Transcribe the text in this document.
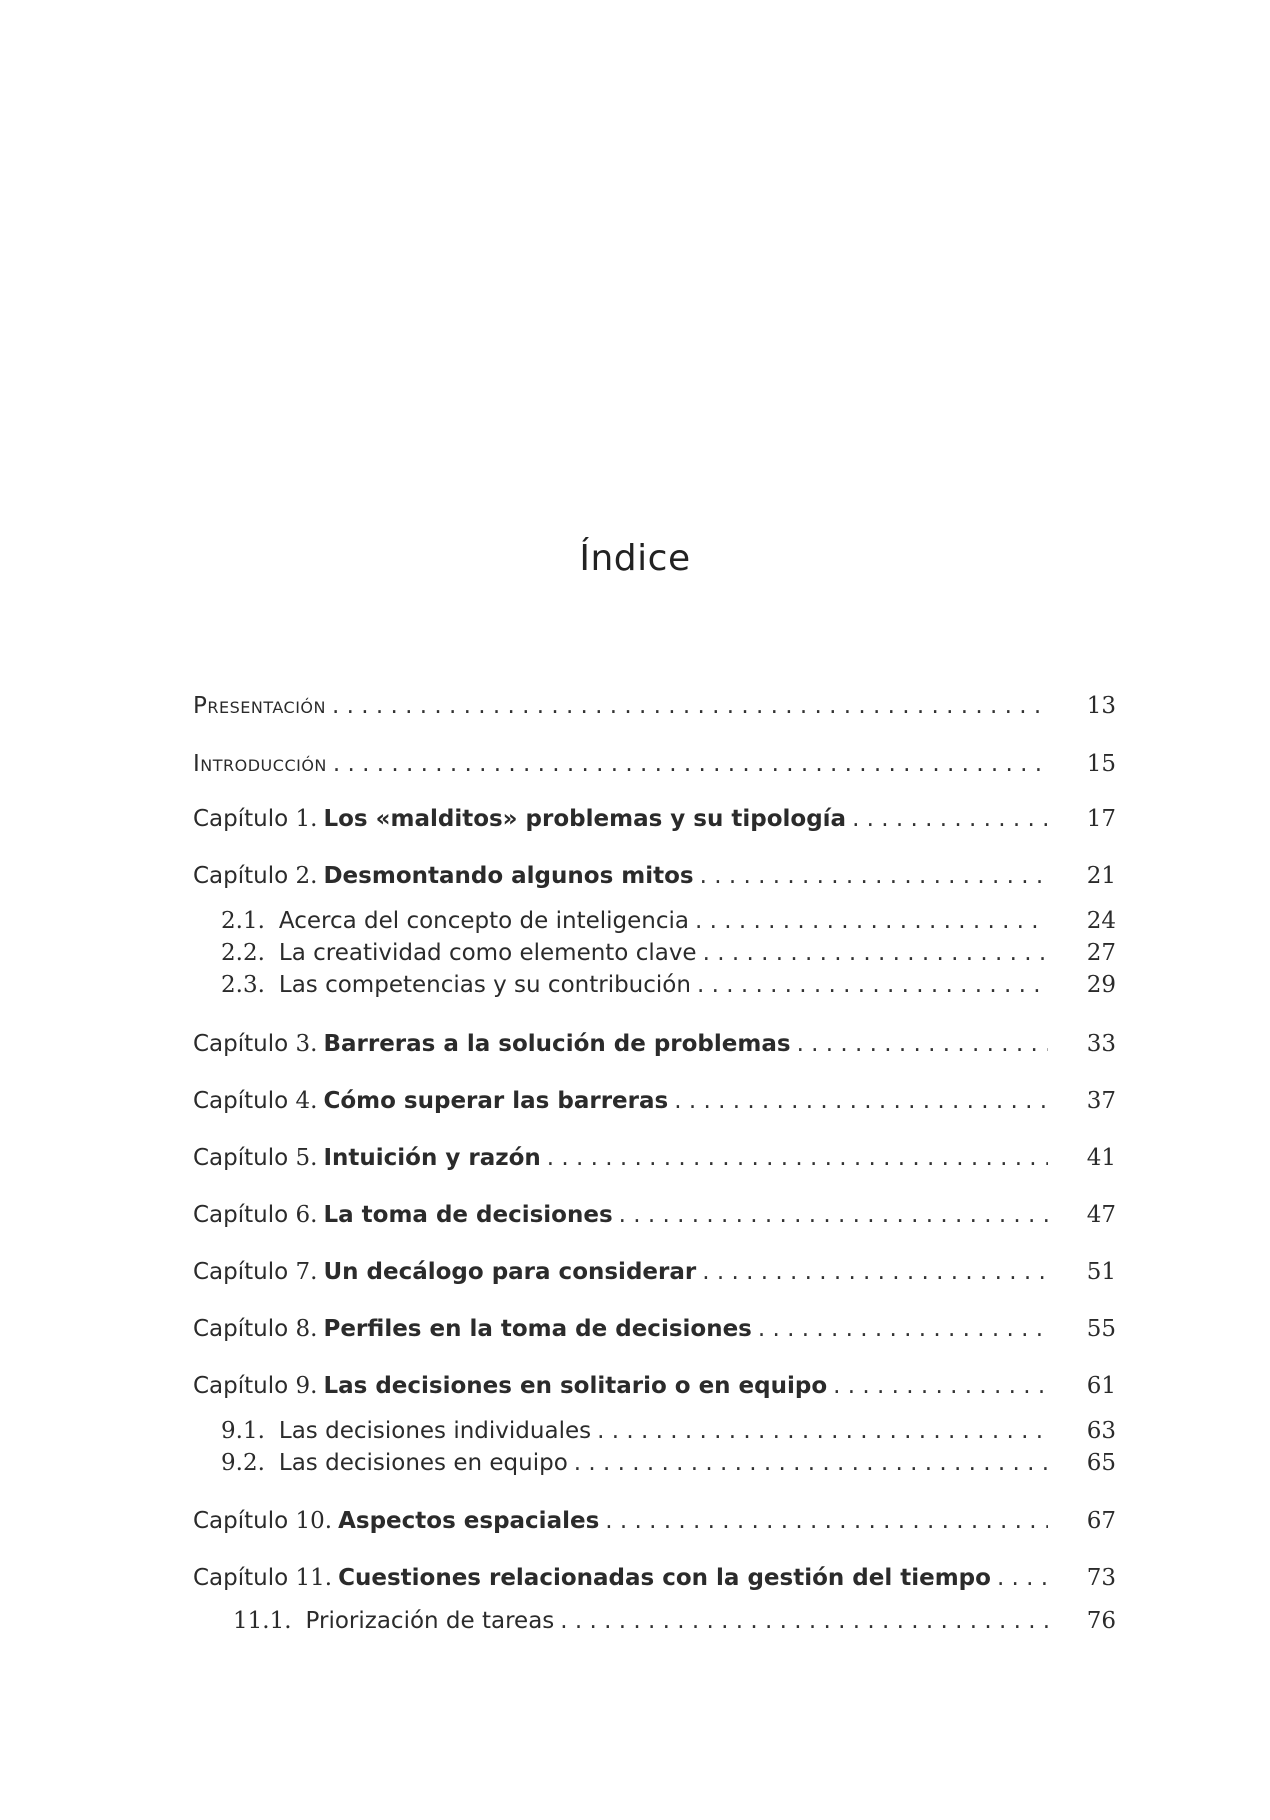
Índice
Presentación . . .	13
Introducción . . .	15
Capítulo 1. Los «malditos» problemas y su tipología . . .	17
Capítulo 2. Desmontando algunos mitos . . .	21
2.1. Acerca del concepto de inteligencia . . .	24
2.2. La creatividad como elemento clave . . .	27
2.3. Las competencias y su contribución . . .	29
Capítulo 3. Barreras a la solución de problemas . . .	33
Capítulo 4. Cómo superar las barreras . . .	37
Capítulo 5. Intuición y razón . . .	41
Capítulo 6. La toma de decisiones . . .	47
Capítulo 7. Un decálogo para considerar . . .	51
Capítulo 8. Perfiles en la toma de decisiones . . .	55
Capítulo 9. Las decisiones en solitario o en equipo . . .	61
9.1. Las decisiones individuales . . .	63
9.2. Las decisiones en equipo . . .	65
Capítulo 10. Aspectos espaciales . . .	67
Capítulo 11. Cuestiones relacionadas con la gestión del tiempo . . .	73
11.1. Priorización de tareas . . .	76
